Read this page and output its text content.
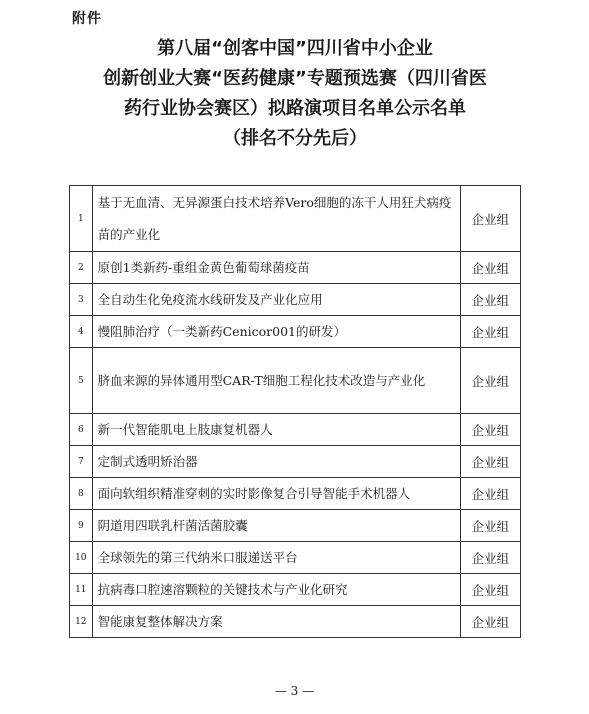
附件
第八届“创客中国”四川省中小企业
创新创业大赛“医药健康”专题预选赛（四川省医
药行业协会赛区）拟路演项目名单公示名单
（排名不分先后）
1	基于无血清、无异源蛋白技术培养Vero细胞的冻干人用狂犬病疫苗的产业化	企业组
2	原创1类新药-重组金黄色葡萄球菌疫苗	企业组
3	全自动生化免疫流水线研发及产业化应用	企业组
4	慢阻肺治疗（一类新药Cenicor001的研发）	企业组
5	脐血来源的异体通用型CAR-T细胞工程化技术改造与产业化	企业组
6	新一代智能肌电上肢康复机器人	企业组
7	定制式透明矫治器	企业组
8	面向软组织精准穿刺的实时影像复合引导智能手术机器人	企业组
9	阴道用四联乳杆菌活菌胶囊	企业组
10	全球领先的第三代纳米口服递送平台	企业组
11	抗病毒口腔速溶颗粒的关键技术与产业化研究	企业组
12	智能康复整体解决方案	企业组
— 3 —
